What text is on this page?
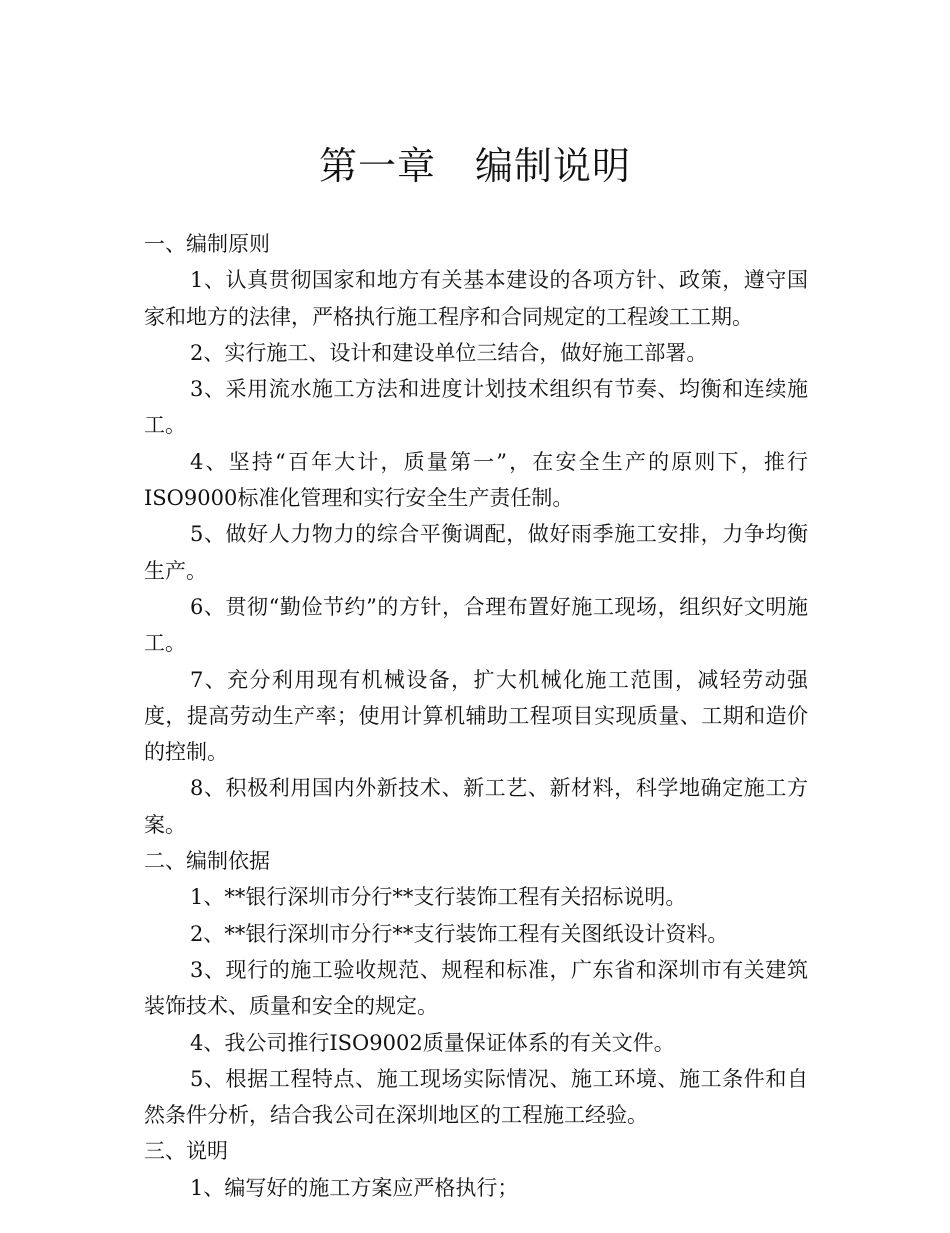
第一章　编制说明

一、编制原则

1、认真贯彻国家和地方有关基本建设的各项方针、政策，遵守国家和地方的法律，严格执行施工程序和合同规定的工程竣工工期。

2、实行施工、设计和建设单位三结合，做好施工部署。

3、采用流水施工方法和进度计划技术组织有节奏、均衡和连续施工。

4、坚持“百年大计，质量第一”，在安全生产的原则下，推行ISO9000标准化管理和实行安全生产责任制。

5、做好人力物力的综合平衡调配，做好雨季施工安排，力争均衡生产。

6、贯彻“勤俭节约”的方针，合理布置好施工现场，组织好文明施工。

7、充分利用现有机械设备，扩大机械化施工范围，减轻劳动强度，提高劳动生产率；使用计算机辅助工程项目实现质量、工期和造价的控制。

8、积极利用国内外新技术、新工艺、新材料，科学地确定施工方案。

二、编制依据

1、**银行深圳市分行**支行装饰工程有关招标说明。

2、**银行深圳市分行**支行装饰工程有关图纸设计资料。

3、现行的施工验收规范、规程和标准，广东省和深圳市有关建筑装饰技术、质量和安全的规定。

4、我公司推行ISO9002质量保证体系的有关文件。

5、根据工程特点、施工现场实际情况、施工环境、施工条件和自然条件分析，结合我公司在深圳地区的工程施工经验。

三、说明

1、编写好的施工方案应严格执行；
